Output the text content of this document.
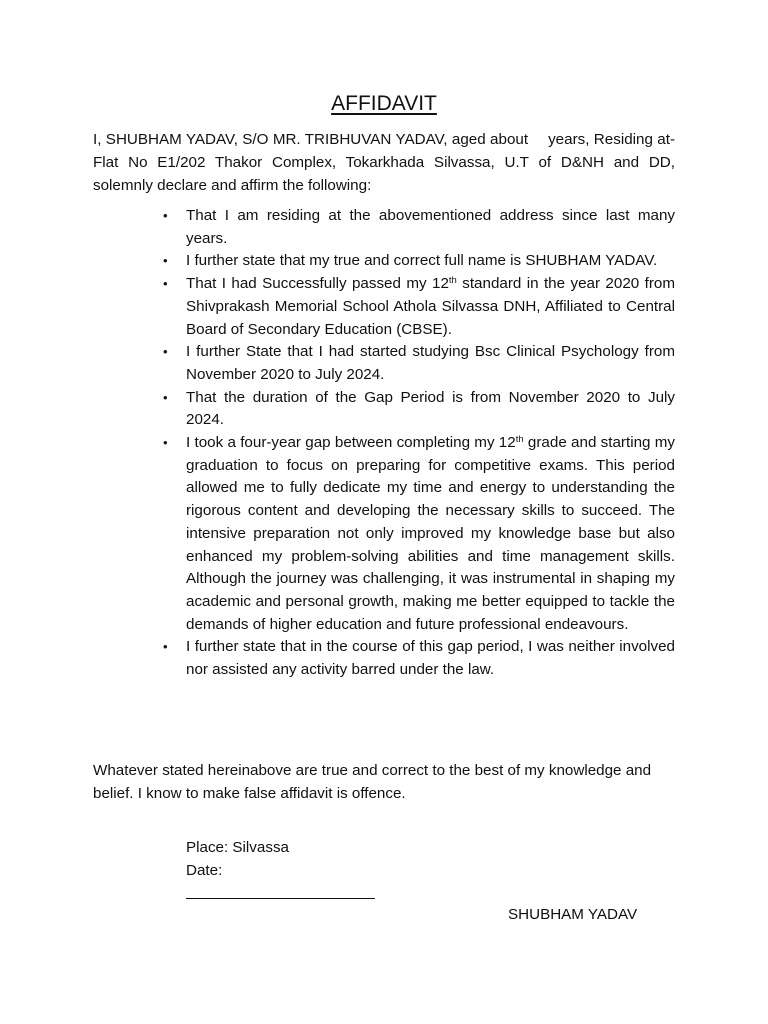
AFFIDAVIT

I, SHUBHAM YADAV, S/O MR. TRIBHUVAN YADAV, aged about years, Residing at- Flat No E1/202 Thakor Complex, Tokarkhada Silvassa, U.T of D&NH and DD, solemnly declare and affirm the following:

• That I am residing at the abovementioned address since last many years.
• I further state that my true and correct full name is SHUBHAM YADAV.
• That I had Successfully passed my 12th standard in the year 2020 from Shivprakash Memorial School Athola Silvassa DNH, Affiliated to Central Board of Secondary Education (CBSE).
• I further State that I had started studying Bsc Clinical Psychology from November 2020 to July 2024.
• That the duration of the Gap Period is from November 2020 to July 2024.
• I took a four-year gap between completing my 12th grade and starting my graduation to focus on preparing for competitive exams. This period allowed me to fully dedicate my time and energy to understanding the rigorous content and developing the necessary skills to succeed. The intensive preparation not only improved my knowledge base but also enhanced my problem-solving abilities and time management skills. Although the journey was challenging, it was instrumental in shaping my academic and personal growth, making me better equipped to tackle the demands of higher education and future professional endeavours.
• I further state that in the course of this gap period, I was neither involved nor assisted any activity barred under the law.

Whatever stated hereinabove are true and correct to the best of my knowledge and belief. I know to make false affidavit is offence.

Place: Silvassa
Date:
SHUBHAM YADAV
